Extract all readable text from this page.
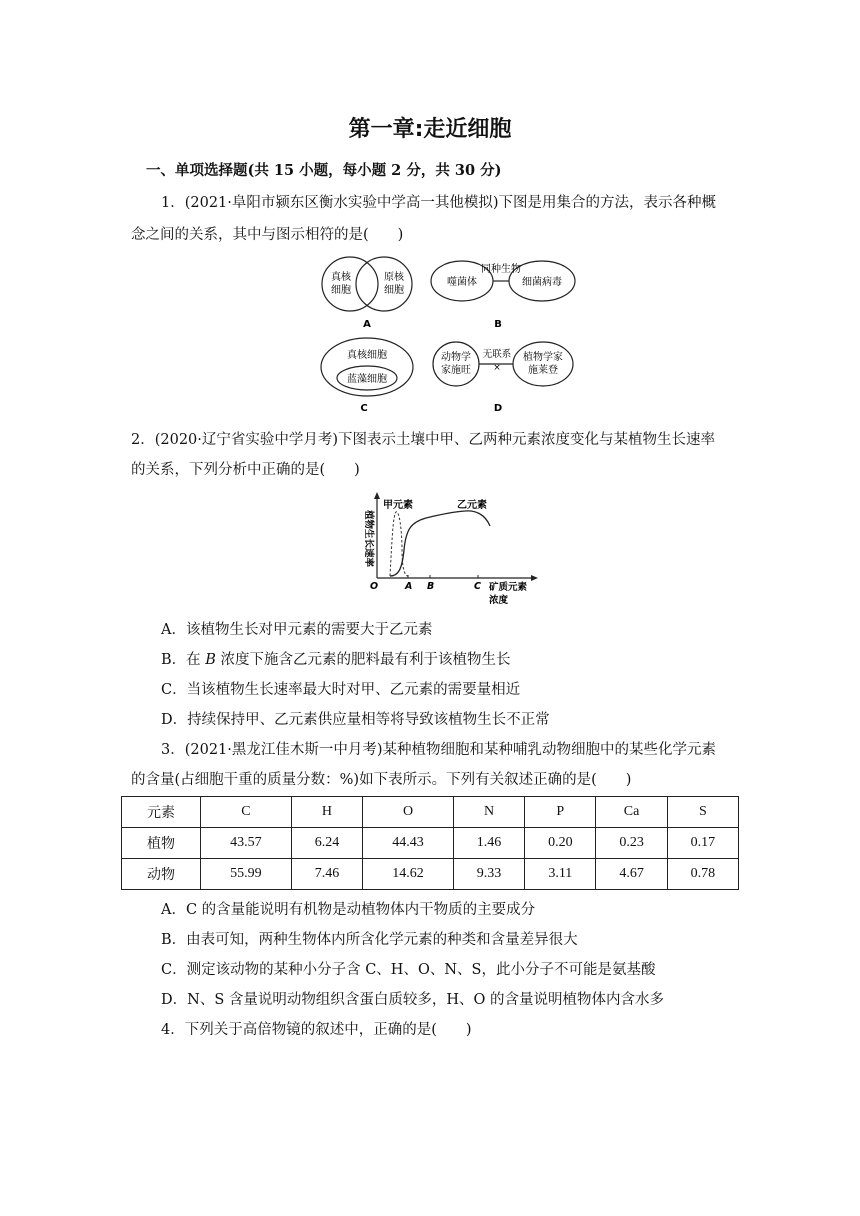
第一章:走近细胞
一、单项选择题(共 15 小题，每小题 2 分，共 30 分)
1．(2021·阜阳市颍东区衡水实验中学高一其他模拟)下图是用集合的方法，表示各种概
念之间的关系，其中与图示相符的是(　　)
真核
细胞
原核
细胞
A
噬菌体
同种生物
细菌病毒
B
真核细胞
蓝藻细胞
C
动物学
家施旺
无联系
×
植物学家
施莱登
D
2．(2020·辽宁省实验中学月考)下图表示土壤中甲、乙两种元素浓度变化与某植物生长速率
的关系，下列分析中正确的是(　　)
植物生长速率
甲元素	乙元素
O	A B	C 矿质元素
浓度
A．该植物生长对甲元素的需要大于乙元素
B．在 B 浓度下施含乙元素的肥料最有利于该植物生长
C．当该植物生长速率最大时对甲、乙元素的需要量相近
D．持续保持甲、乙元素供应量相等将导致该植物生长不正常
3．(2021·黑龙江佳木斯一中月考)某种植物细胞和某种哺乳动物细胞中的某些化学元素
的含量(占细胞干重的质量分数：%)如下表所示。下列有关叙述正确的是(　　)
元素	C	H	O	N	P	Ca	S
植物	43.57	6.24	44.43	1.46	0.20	0.23	0.17
动物	55.99	7.46	14.62	9.33	3.11	4.67	0.78
A．C 的含量能说明有机物是动植物体内干物质的主要成分
B．由表可知，两种生物体内所含化学元素的种类和含量差异很大
C．测定该动物的某种小分子含 C、H、O、N、S，此小分子不可能是氨基酸
D．N、S 含量说明动物组织含蛋白质较多，H、O 的含量说明植物体内含水多
4．下列关于高倍物镜的叙述中，正确的是(　　)
